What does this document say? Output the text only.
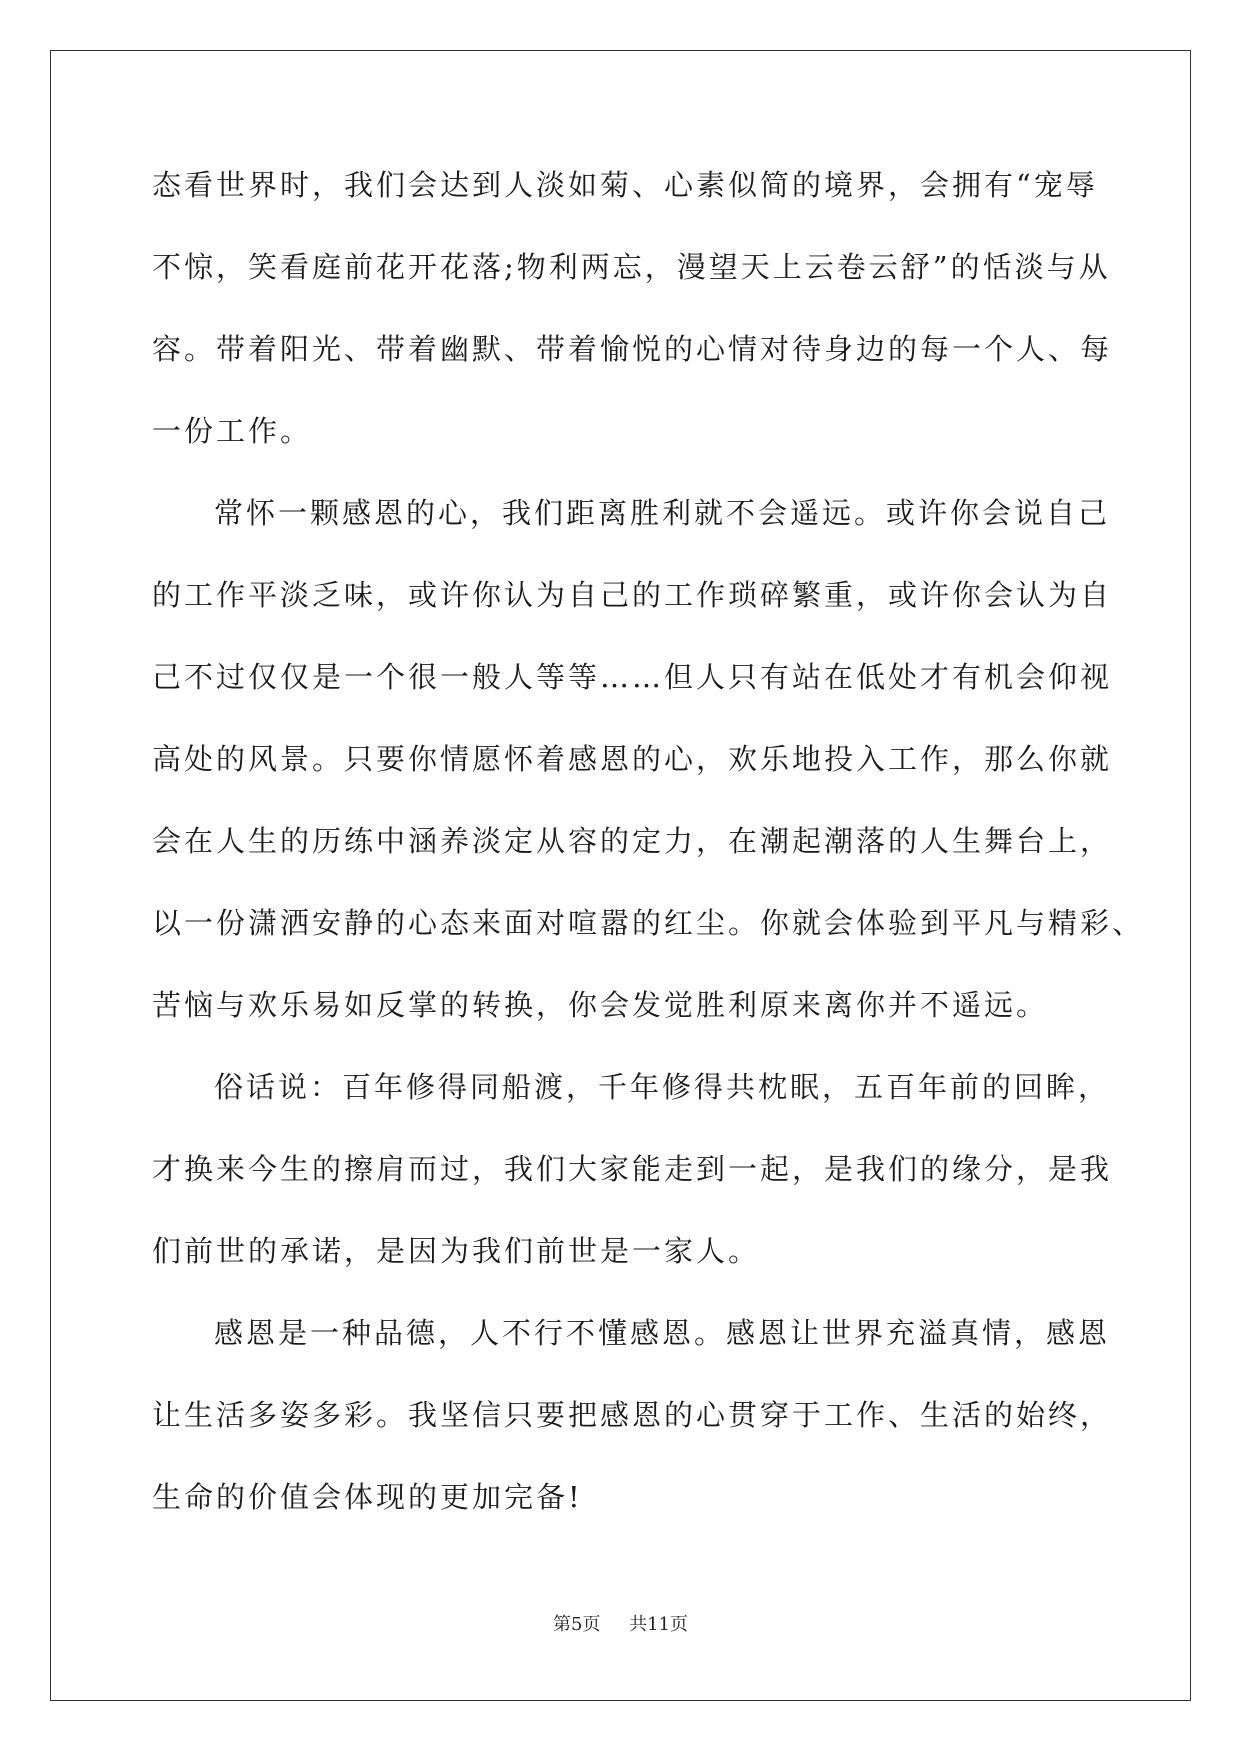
态看世界时，我们会达到人淡如菊、心素似简的境界，会拥有“宠辱
不惊，笑看庭前花开花落;物利两忘，漫望天上云卷云舒”的恬淡与从
容。带着阳光、带着幽默、带着愉悦的心情对待身边的每一个人、每
一份工作。
常怀一颗感恩的心，我们距离胜利就不会遥远。或许你会说自己
的工作平淡乏味，或许你认为自己的工作琐碎繁重，或许你会认为自
己不过仅仅是一个很一般人等等……但人只有站在低处才有机会仰视
高处的风景。只要你情愿怀着感恩的心，欢乐地投入工作，那么你就
会在人生的历练中涵养淡定从容的定力，在潮起潮落的人生舞台上，
以一份潇洒安静的心态来面对喧嚣的红尘。你就会体验到平凡与精彩、
苦恼与欢乐易如反掌的转换，你会发觉胜利原来离你并不遥远。
俗话说：百年修得同船渡，千年修得共枕眠，五百年前的回眸，
才换来今生的擦肩而过，我们大家能走到一起，是我们的缘分，是我
们前世的承诺，是因为我们前世是一家人。
感恩是一种品德，人不行不懂感恩。感恩让世界充溢真情，感恩
让生活多姿多彩。我坚信只要把感恩的心贯穿于工作、生活的始终，
生命的价值会体现的更加完备!
第5页 共11页
